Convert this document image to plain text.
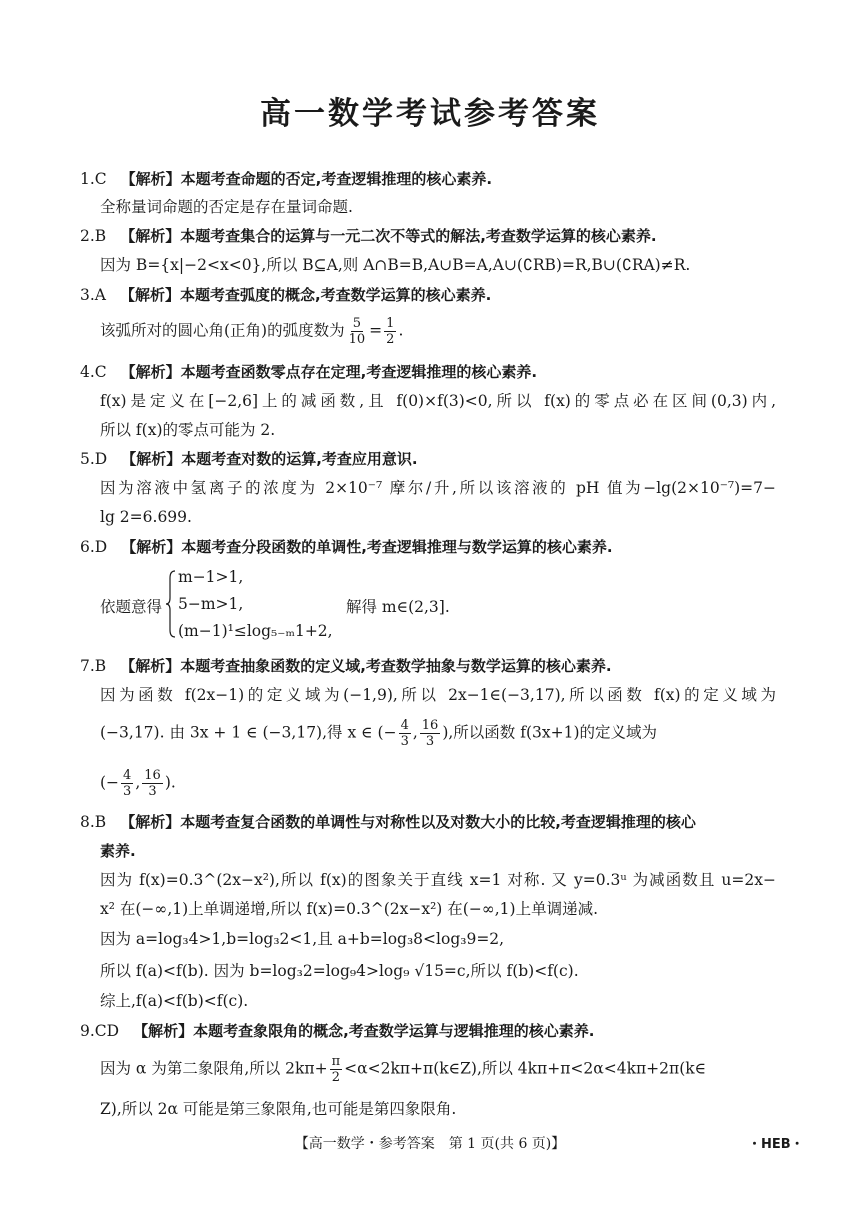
高一数学考试参考答案
1.C 【解析】本题考查命题的否定,考查逻辑推理的核心素养.
全称量词命题的否定是存在量词命题.
2.B 【解析】本题考查集合的运算与一元二次不等式的解法,考查数学运算的核心素养.
因为 B={x|−2<x<0},所以 B⊆A,则 A∩B=B,A∪B=A,A∪(∁RB)=R,B∪(∁RA)≠R.
3.A 【解析】本题考查弧度的概念,考查数学运算的核心素养.
该弧所对的圆心角(正角)的弧度数为 $\frac{5}{10} = \frac{1}{2}$ .
4.C 【解析】本题考查函数零点存在定理,考查逻辑推理的核心素养.
f(x)是定义在[−2,6]上的减函数,且 f(0)×f(3)<0,所以 f(x)的零点必在区间(0,3)内,
所以 f(x)的零点可能为 2.
5.D 【解析】本题考查对数的运算,考查应用意识.
因为溶液中氢离子的浓度为 2×10⁻⁷ 摩尔/升,所以该溶液的 pH 值为−lg(2×10⁻⁷)=7−
lg 2=6.699.
6.D 【解析】本题考查分段函数的单调性,考查逻辑推理与数学运算的核心素养.
依题意得
m−1>1,
5−m>1,
(m−1)¹≤log₅₋ₘ1+2,
解得 m∈(2,3].
7.B 【解析】本题考查抽象函数的定义域,考查数学抽象与数学运算的核心素养.
因为函数 f(2x−1)的定义域为(−1,9),所以 2x−1∈(−3,17),所以函数 f(x)的定义域为
(−3,17). 由 3x + 1 ∈ (−3,17),得 x ∈ (− $\frac{4}{3}$ , $\frac{16}{3}$ ),所以函数 f(3x+1)的定义域为
(− $\frac{4}{3}$ , $\frac{16}{3}$ ).
8.B 【解析】本题考查复合函数的单调性与对称性以及对数大小的比较,考查逻辑推理的核心
素养.
因为 f(x)=0.3^(2x−x²),所以 f(x)的图象关于直线 x=1 对称. 又 y=0.3ᵘ 为减函数且 u=2x−
x² 在(−∞,1)上单调递增,所以 f(x)=0.3^(2x−x²) 在(−∞,1)上单调递减.
因为 a=log₃4>1,b=log₃2<1,且 a+b=log₃8<log₃9=2,
所以 f(a)<f(b). 因为 b=log₃2=log₉4>log₉ √15=c,所以 f(b)<f(c).
综上,f(a)<f(b)<f(c).
9.CD 【解析】本题考查象限角的概念,考查数学运算与逻辑推理的核心素养.
因为 α 为第二象限角,所以 $2k\pi+ \frac{\pi}{2}$ <α<2kπ+π(k∈Z),所以 4kπ+π<2α<4kπ+2π(k∈
Z),所以 2α 可能是第三象限角,也可能是第四象限角.
【高一数学・参考答案　第 1 页(共 6 页)】	・HEB・
